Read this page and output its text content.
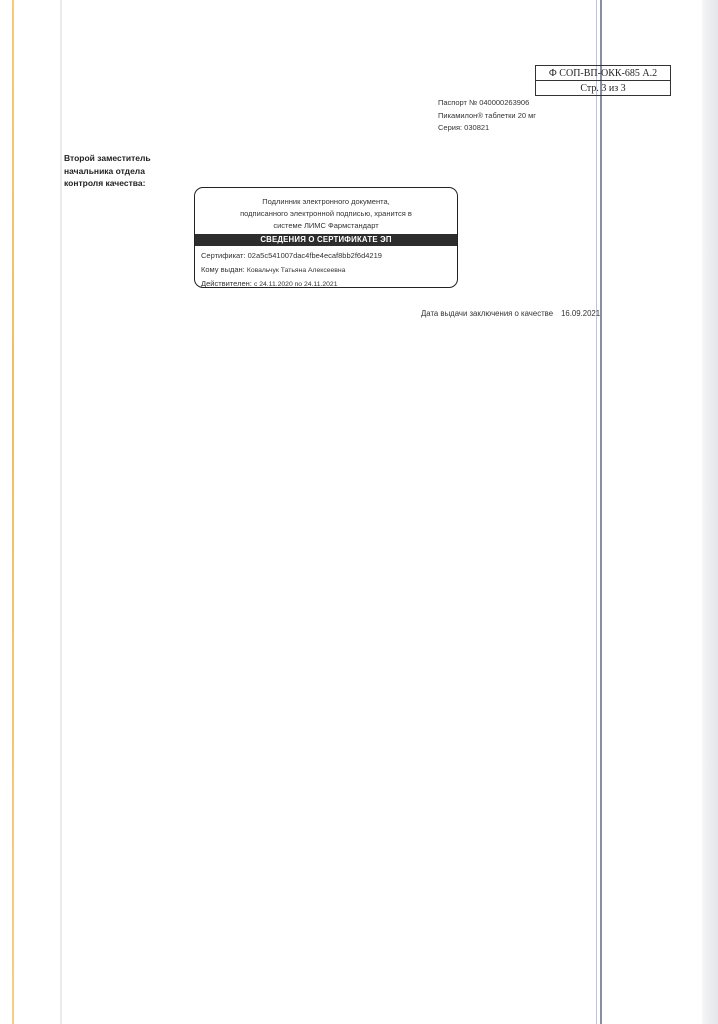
Ф СОП-ВП-ОКК-685 А.2
Стр. 3 из 3
Паспорт № 040000263906
Пикамилон® таблетки 20 мг
Серия: 030821
Второй заместитель
начальника отдела
контроля качества:
Подлинник электронного документа,
подписанного электронной подписью, хранится в
системе ЛИМС Фармстандарт
СВЕДЕНИЯ О СЕРТИФИКАТЕ ЭП
Сертификат: 02a5c541007dac4fbe4ecaf8bb2f6d4219
Кому выдан: Ковальчук Татьяна Алексеевна
Действителен: с 24.11.2020 по 24.11.2021
Дата выдачи заключения о качестве 16.09.2021
